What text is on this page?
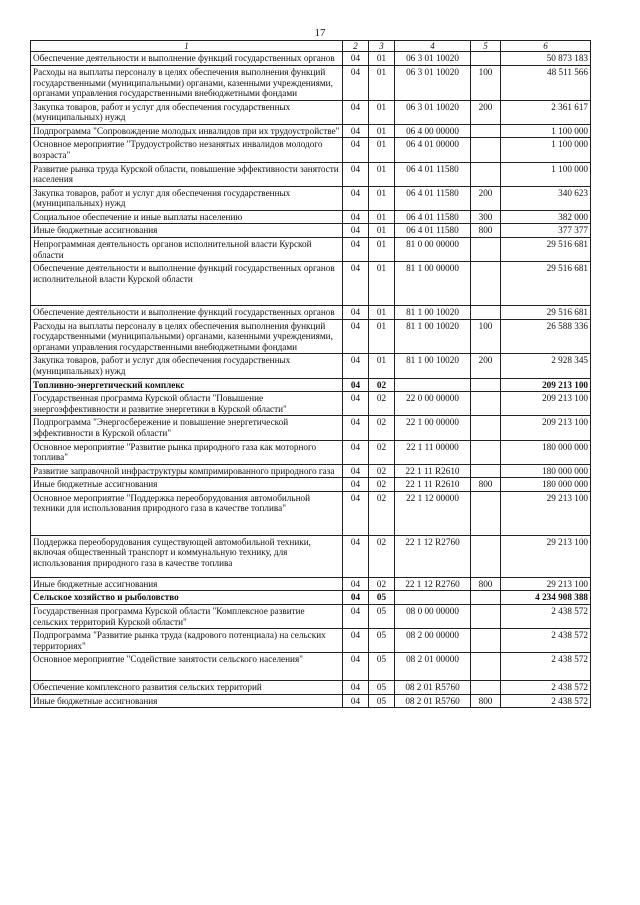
17
1	2	3	4	5	6
Обеспечение деятельности и выполнение функций государственных органов	04	01	06 3 01 10020		50 873 183
Расходы на выплаты персоналу в целях обеспечения выполнения функций государственными (муниципальными) органами, казенными учреждениями, органами управления государственными внебюджетными фондами	04	01	06 3 01 10020	100	48 511 566
Закупка товаров, работ и услуг для обеспечения государственных (муниципальных) нужд	04	01	06 3 01 10020	200	2 361 617
Подпрограмма "Сопровождение молодых инвалидов при их трудоустройстве"	04	01	06 4 00 00000		1 100 000
Основное мероприятие "Трудоустройство незанятых инвалидов молодого возраста"	04	01	06 4 01 00000		1 100 000
Развитие рынка труда Курской области, повышение эффективности занятости населения	04	01	06 4 01 11580		1 100 000
Закупка товаров, работ и услуг для обеспечения государственных (муниципальных) нужд	04	01	06 4 01 11580	200	340 623
Социальное обеспечение и иные выплаты населению	04	01	06 4 01 11580	300	382 000
Иные бюджетные ассигнования	04	01	06 4 01 11580	800	377 377
Непрограммная деятельность органов исполнительной власти Курской области	04	01	81 0 00 00000		29 516 681
Обеспечение деятельности и выполнение функций государственных органов исполнительной власти Курской области	04	01	81 1 00 00000		29 516 681
Обеспечение деятельности и выполнение функций государственных органов	04	01	81 1 00 10020		29 516 681
Расходы на выплаты персоналу в целях обеспечения выполнения функций государственными (муниципальными) органами, казенными учреждениями, органами управления государственными внебюджетными фондами	04	01	81 1 00 10020	100	26 588 336
Закупка товаров, работ и услуг для обеспечения государственных (муниципальных) нужд	04	01	81 1 00 10020	200	2 928 345
Топливно-энергетический комплекс	04	02			209 213 100
Государственная программа Курской области "Повышение энергоэффективности и развитие энергетики в Курской области"	04	02	22 0 00 00000		209 213 100
Подпрограмма "Энергосбережение и повышение энергетической эффективности в Курской области"	04	02	22 1 00 00000		209 213 100
Основное мероприятие "Развитие рынка природного газа как моторного топлива"	04	02	22 1 11 00000		180 000 000
Развитие заправочной инфраструктуры компримированного природного газа	04	02	22 1 11 R2610		180 000 000
Иные бюджетные ассигнования	04	02	22 1 11 R2610	800	180 000 000
Основное мероприятие "Поддержка переоборудования автомобильной техники для использования природного газа в качестве топлива"	04	02	22 1 12 00000		29 213 100
Поддержка переоборудования существующей автомобильной техники, включая общественный транспорт и коммунальную технику, для использования природного газа в качестве топлива	04	02	22 1 12 R2760		29 213 100
Иные бюджетные ассигнования	04	02	22 1 12 R2760	800	29 213 100
Сельское хозяйство и рыболовство	04	05			4 234 908 388
Государственная программа Курской области "Комплексное развитие сельских территорий Курской области"	04	05	08 0 00 00000		2 438 572
Подпрограмма "Развитие рынка труда (кадрового потенциала) на сельских территориях"	04	05	08 2 00 00000		2 438 572
Основное мероприятие "Содействие занятости сельского населения"	04	05	08 2 01 00000		2 438 572
Обеспечение комплексного развития сельских территорий	04	05	08 2 01 R5760		2 438 572
Иные бюджетные ассигнования	04	05	08 2 01 R5760	800	2 438 572
